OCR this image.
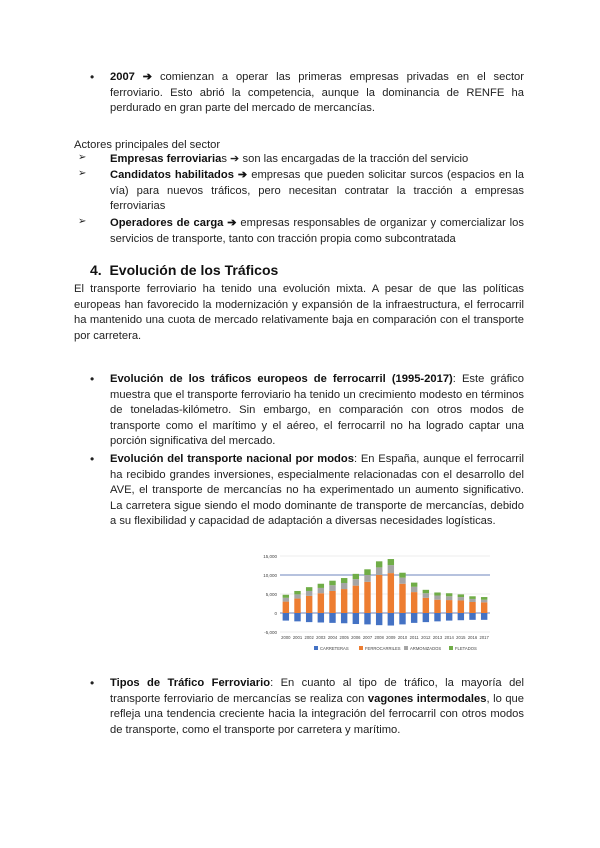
•
2007 ➔ comienzan a operar las primeras empresas privadas en el sector ferroviario. Esto abrió la competencia, aunque la dominancia de RENFE ha perdurado en gran parte del mercado de mercancías.
Actores principales del sector
➢	Empresas ferroviarias ➔ son las encargadas de la tracción del servicio
➢	Candidatos habilitados ➔ empresas que pueden solicitar surcos (espacios en la vía) para nuevos tráficos, pero necesitan contratar la tracción a empresas ferroviarias
➢	Operadores de carga ➔ empresas responsables de organizar y comercializar los servicios de transporte, tanto con tracción propia como subcontratada
4. Evolución de los Tráficos
El transporte ferroviario ha tenido una evolución mixta. A pesar de que las políticas europeas han favorecido la modernización y expansión de la infraestructura, el ferrocarril ha mantenido una cuota de mercado relativamente baja en comparación con el transporte por carretera.
•
Evolución de los tráficos europeos de ferrocarril (1995-2017): Este gráfico muestra que el transporte ferroviario ha tenido un crecimiento modesto en términos de toneladas-kilómetro. Sin embargo, en comparación con otros modos de transporte como el marítimo y el aéreo, el ferrocarril no ha logrado captar una porción significativa del mercado.
•
Evolución del transporte nacional por modos: En España, aunque el ferrocarril ha recibido grandes inversiones, especialmente relacionadas con el desarrollo del AVE, el transporte de mercancías no ha experimentado un aumento significativo. La carretera sigue siendo el modo dominante de transporte de mercancías, debido a su flexibilidad y capacidad de adaptación a diversas necesidades logísticas.
15,000
10,000
5,000
0
-5,000
2000 2001 2002 2003 2004 2005 2006 2007 2008 2009 2010 2011 2012 2013 2014 2015 2016 2017
CARRETERAS	FERROCARRILES ARMONIZADOS	FLETADOS
•
Tipos de Tráfico Ferroviario: En cuanto al tipo de tráfico, la mayoría del transporte ferroviario de mercancías se realiza con vagones intermodales, lo que refleja una tendencia creciente hacia la integración del ferrocarril con otros modos de transporte, como el transporte por carretera y marítimo.
